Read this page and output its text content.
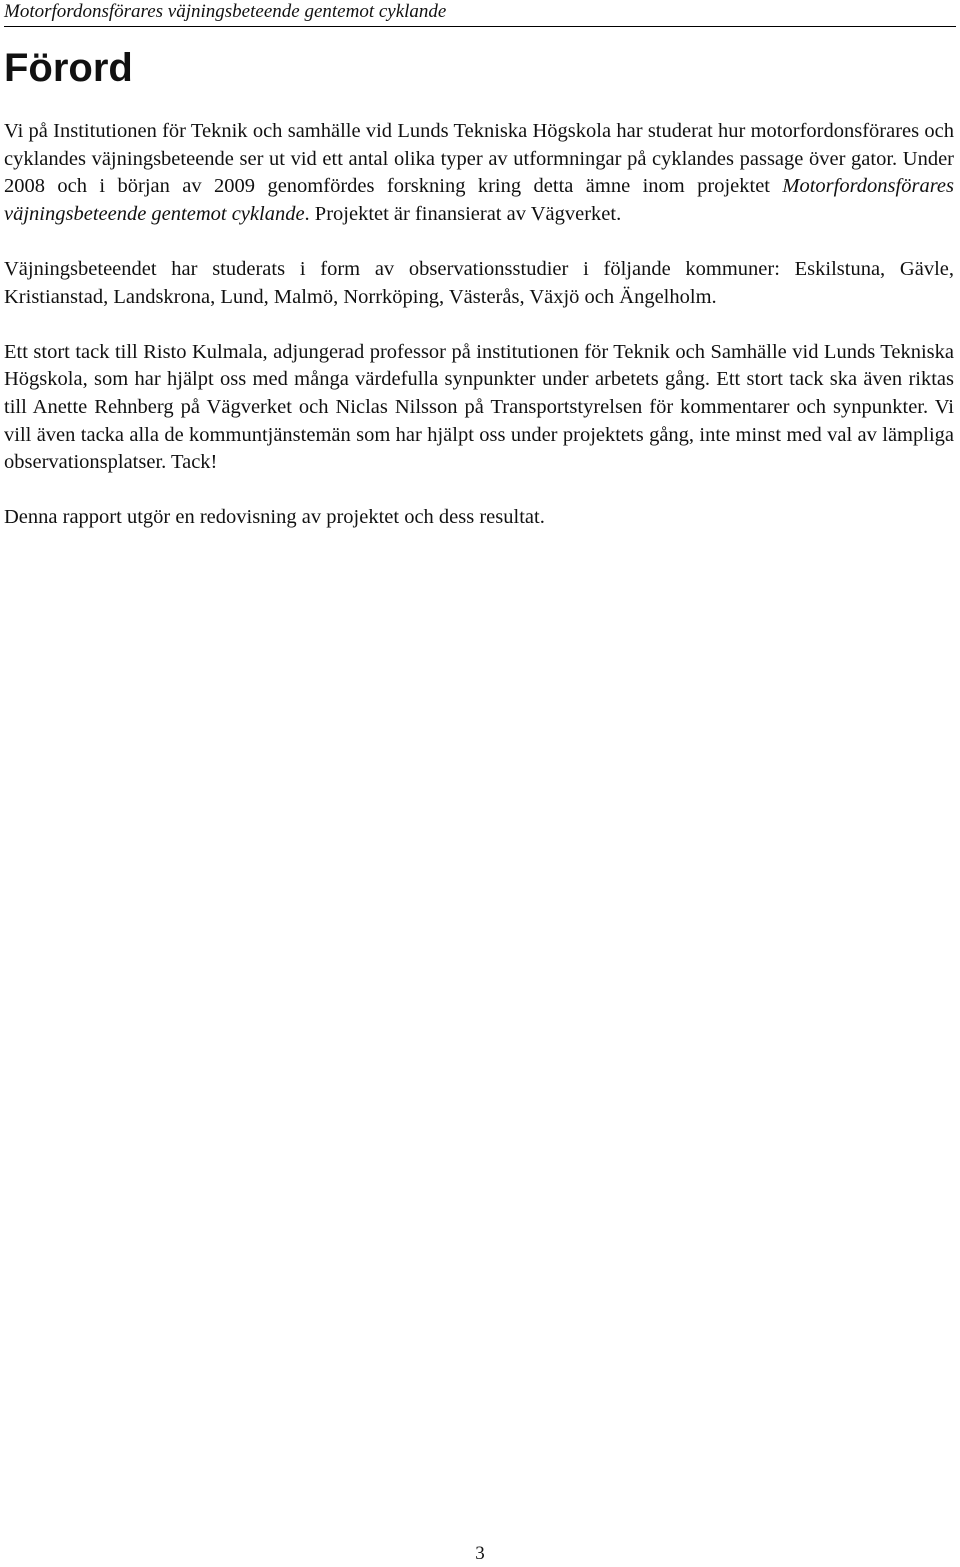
Motorfordonsförares väjningsbeteende gentemot cyklande
Förord

Vi på Institutionen för Teknik och samhälle vid Lunds Tekniska Högskola har studerat hur motorfordonsförares och cyklandes väjningsbeteende ser ut vid ett antal olika typer av utformningar på cyklandes passage över gator. Under 2008 och i början av 2009 genomfördes forskning kring detta ämne inom projektet Motorfordonsförares väjningsbeteende gentemot cyklande. Projektet är finansierat av Vägverket.

Väjningsbeteendet har studerats i form av observationsstudier i följande kommuner: Eskilstuna, Gävle, Kristianstad, Landskrona, Lund, Malmö, Norrköping, Västerås, Växjö och Ängelholm.

Ett stort tack till Risto Kulmala, adjungerad professor på institutionen för Teknik och Samhälle vid Lunds Tekniska Högskola, som har hjälpt oss med många värdefulla synpunkter under arbetets gång. Ett stort tack ska även riktas till Anette Rehnberg på Vägverket och Niclas Nilsson på Transportstyrelsen för kommentarer och synpunkter. Vi vill även tacka alla de kommuntjänstemän som har hjälpt oss under projektets gång, inte minst med val av lämpliga observationsplatser. Tack!

Denna rapport utgör en redovisning av projektet och dess resultat.

3
